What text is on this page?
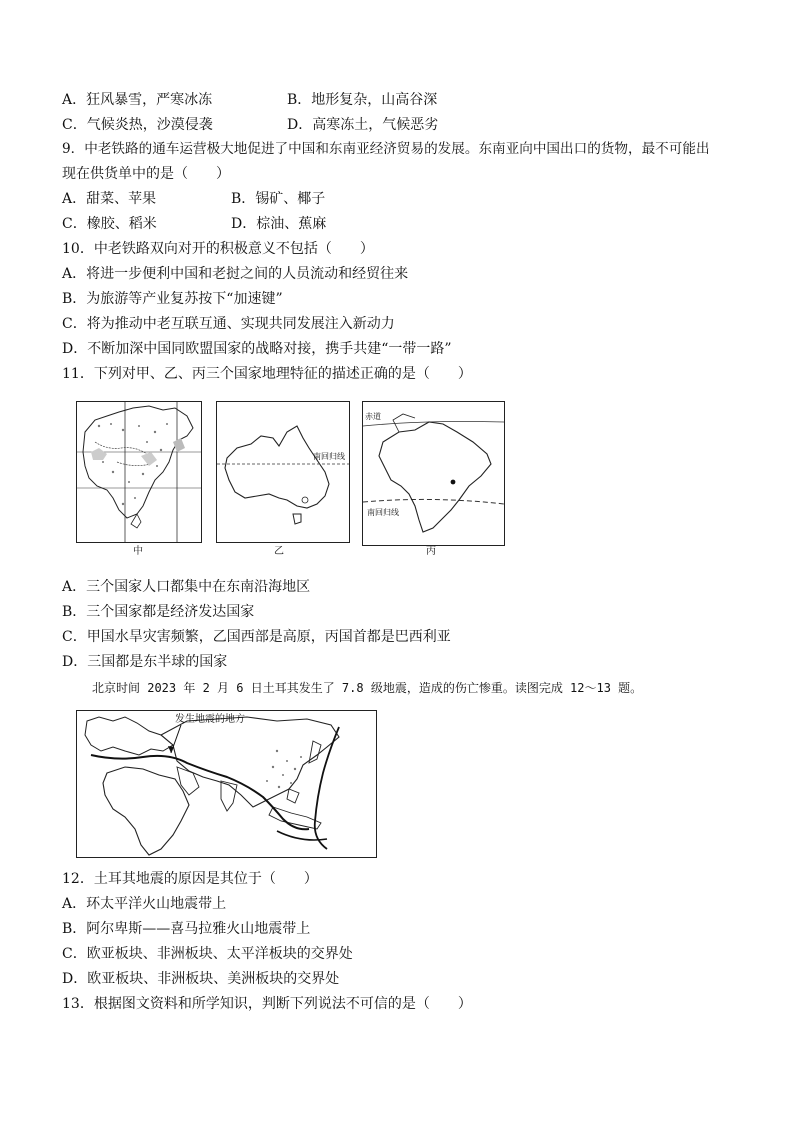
A．狂风暴雪，严寒冰冻	B．地形复杂，山高谷深
C．气候炎热，沙漠侵袭	D．高寒冻土，气候恶劣
9．中老铁路的通车运营极大地促进了中国和东南亚经济贸易的发展。东南亚向中国出口的货物，最不可能出
现在供货单中的是（　　）
A．甜菜、苹果	B．锡矿、椰子
C．橡胶、稻米	D．棕油、蕉麻
10．中老铁路双向对开的积极意义不包括（　　）
A．将进一步便利中国和老挝之间的人员流动和经贸往来
B．为旅游等产业复苏按下“加速键”
C．将为推动中老互联互通、实现共同发展注入新动力
D．不断加深中国同欧盟国家的战略对接，携手共建“一带一路”
11．下列对甲、乙、丙三个国家地理特征的描述正确的是（　　）
中
南回归线
乙
赤道
南回归线
丙
A．三个国家人口都集中在东南沿海地区
B．三个国家都是经济发达国家
C．甲国水旱灾害频繁，乙国西部是高原，丙国首都是巴西利亚
D．三国都是东半球的国家
北京时间 2023 年 2 月 6 日土耳其发生了 7.8 级地震，造成的伤亡惨重。读图完成 12～13 题。
发生地震的地方
12．土耳其地震的原因是其位于（　　）
A．环太平洋火山地震带上
B．阿尔卑斯——喜马拉雅火山地震带上
C．欧亚板块、非洲板块、太平洋板块的交界处
D．欧亚板块、非洲板块、美洲板块的交界处
13．根据图文资料和所学知识，判断下列说法不可信的是（　　）
